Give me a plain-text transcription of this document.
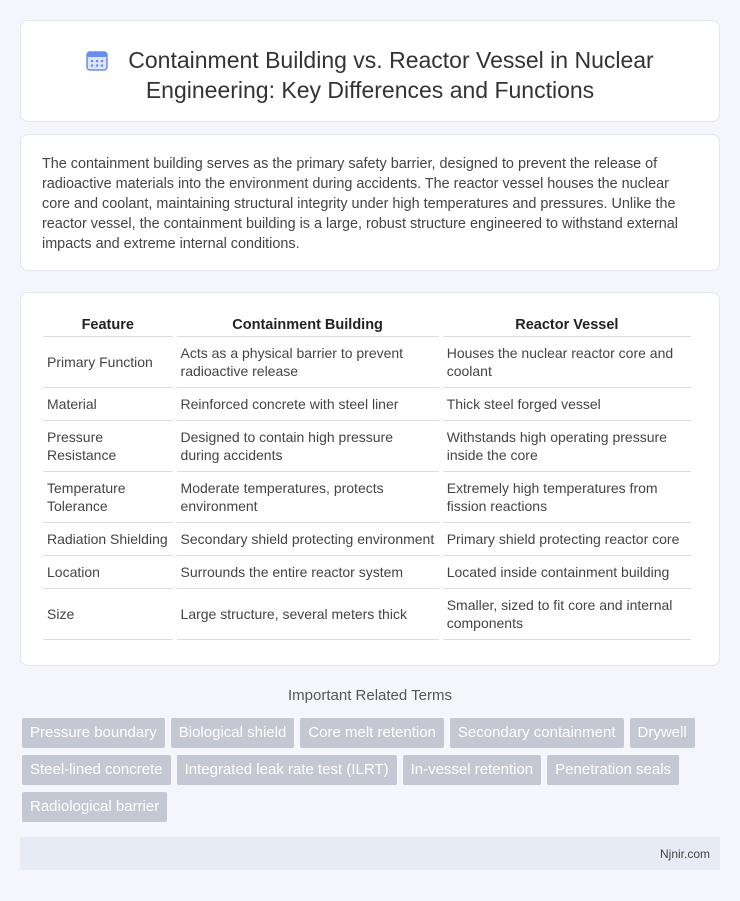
Containment Building vs. Reactor Vessel in Nuclear Engineering: Key Differences and Functions

The containment building serves as the primary safety barrier, designed to prevent the release of radioactive materials into the environment during accidents. The reactor vessel houses the nuclear core and coolant, maintaining structural integrity under high temperatures and pressures. Unlike the reactor vessel, the containment building is a large, robust structure engineered to withstand external impacts and extreme internal conditions.

Feature	Containment Building	Reactor Vessel
Primary Function	Acts as a physical barrier to prevent radioactive release	Houses the nuclear reactor core and coolant
Material	Reinforced concrete with steel liner	Thick steel forged vessel
Pressure Resistance	Designed to contain high pressure during accidents	Withstands high operating pressure inside the core
Temperature Tolerance	Moderate temperatures, protects environment	Extremely high temperatures from fission reactions
Radiation Shielding	Secondary shield protecting environment	Primary shield protecting reactor core
Location	Surrounds the entire reactor system	Located inside containment building
Size	Large structure, several meters thick	Smaller, sized to fit core and internal components
Important Related Terms
Pressure boundary	Biological shield	Core melt retention	Secondary containment	Drywell
Steel-lined concrete	Integrated leak rate test (ILRT)	In-vessel retention	Penetration seals
Radiological barrier
Njnir.com
